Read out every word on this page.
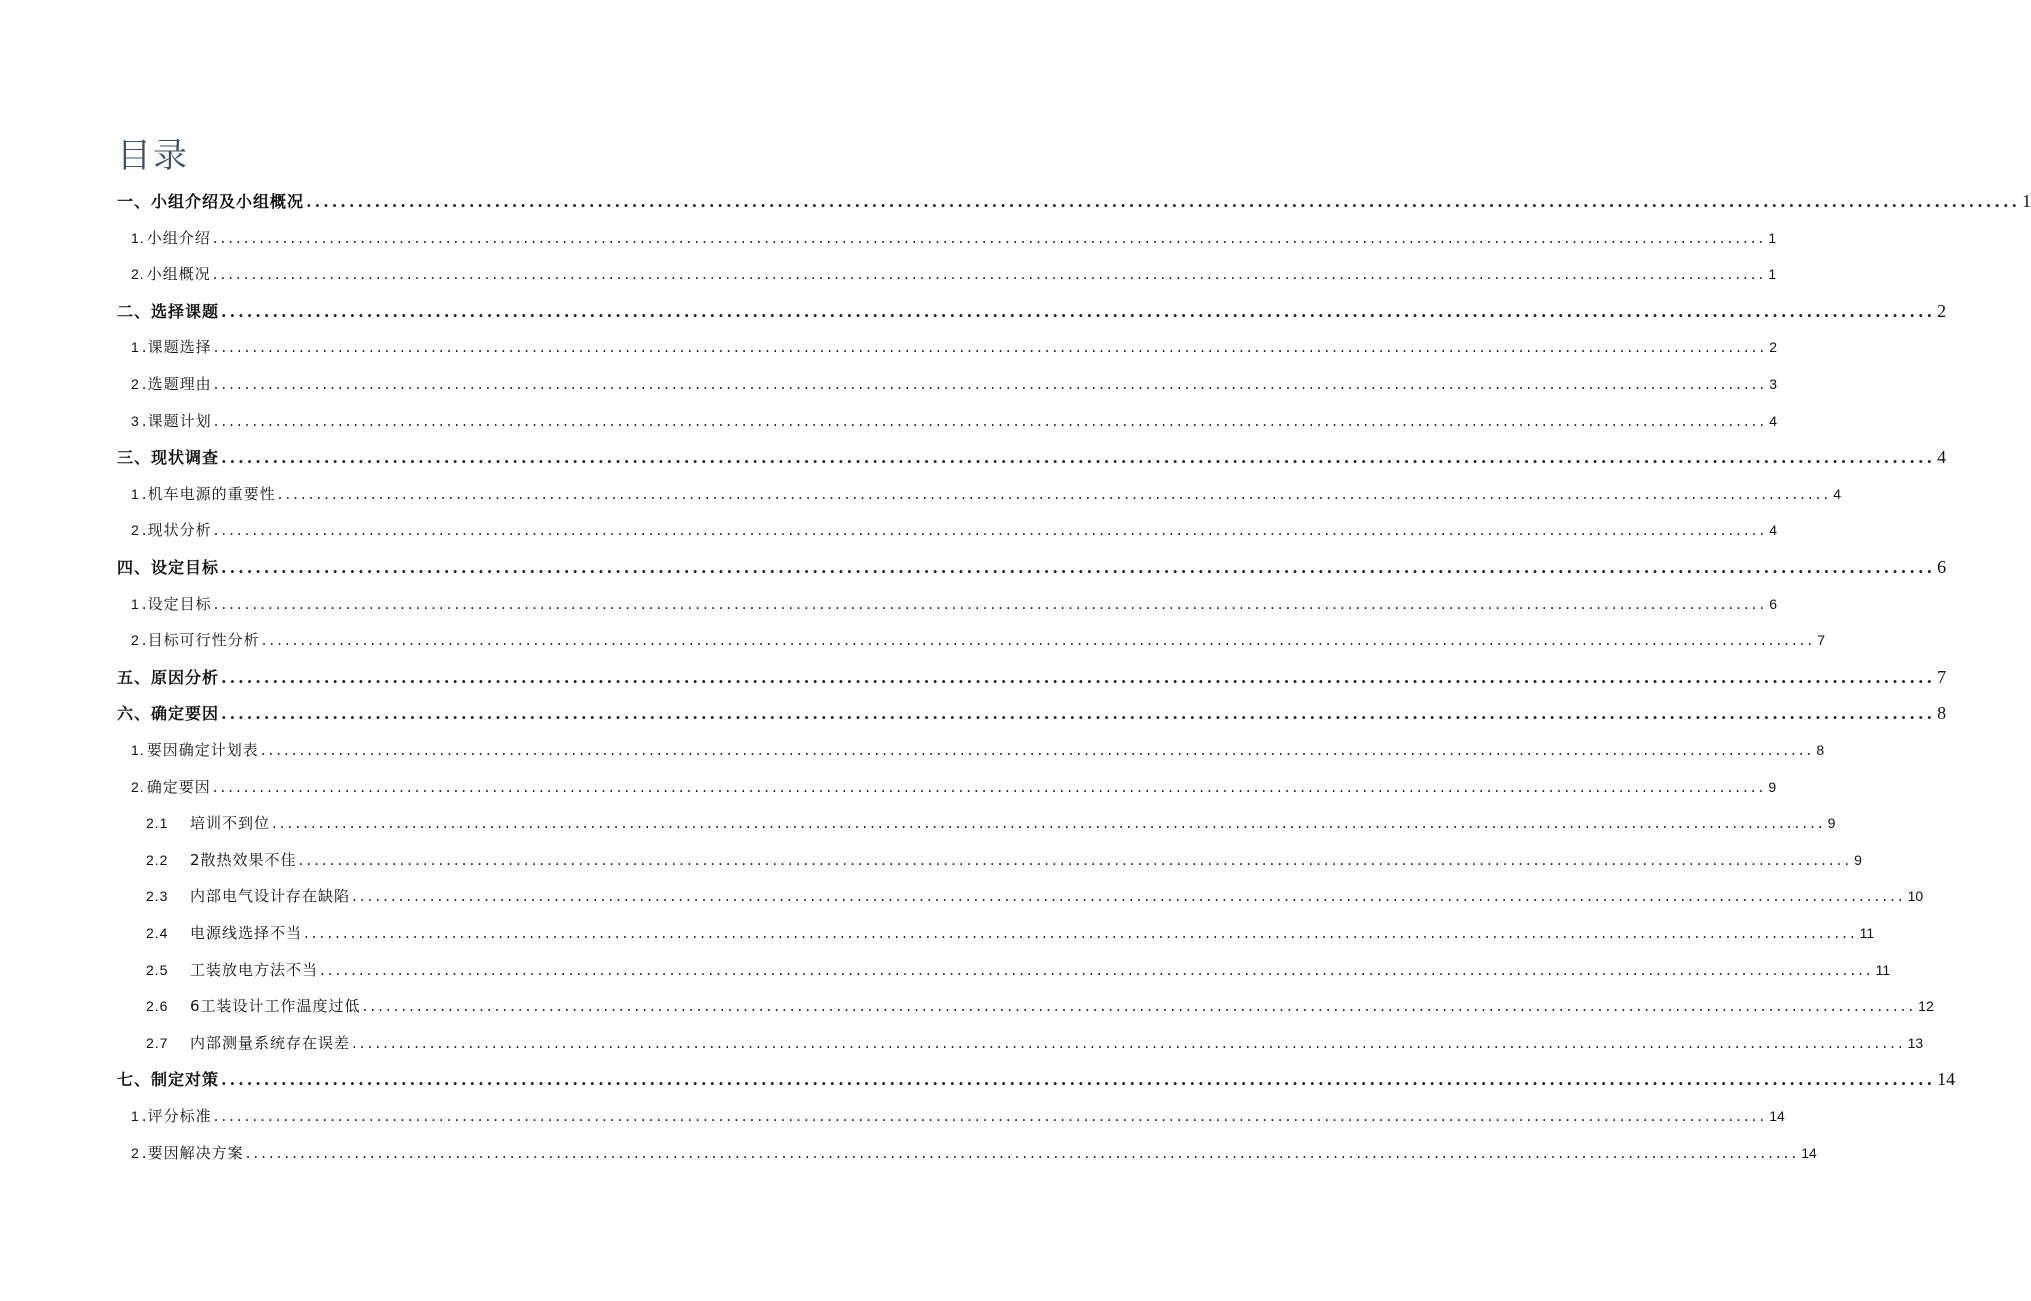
目录
一、小组介绍及小组概况 ........................................................................................................................................................................................................ 1
1. 小组介绍 ........................................................................................................................................................................................................ 1
2. 小组概况 ........................................................................................................................................................................................................ 1
二、选择课题 ........................................................................................................................................................................................................ 2
1 .课题选择 ........................................................................................................................................................................................................ 2
2 .选题理由 ........................................................................................................................................................................................................ 3
3 .课题计划 ........................................................................................................................................................................................................ 4
三、现状调查 ........................................................................................................................................................................................................ 4
1 .机车电源的重要性 ........................................................................................................................................................................................................ 4
2 .现状分析 ........................................................................................................................................................................................................ 4
四、设定目标 ........................................................................................................................................................................................................ 6
1 .设定目标 ........................................................................................................................................................................................................ 6
2 .目标可行性分析 ........................................................................................................................................................................................................ 7
五、原因分析 ........................................................................................................................................................................................................ 7
六、确定要因 ........................................................................................................................................................................................................ 8
1. 要因确定计划表 ........................................................................................................................................................................................................ 8
2. 确定要因 ........................................................................................................................................................................................................ 9
2.1 培训不到位 ........................................................................................................................................................................................................ 9
2.2 2散热效果不佳 ........................................................................................................................................................................................................ 9
2.3 内部电气设计存在缺陷 ........................................................................................................................................................................................................ 10
2.4 电源线选择不当 ........................................................................................................................................................................................................ 11
2.5 工装放电方法不当 ........................................................................................................................................................................................................ 11
2.6 6工装设计工作温度过低 ........................................................................................................................................................................................................ 12
2.7 内部测量系统存在误差 ........................................................................................................................................................................................................ 13
七、制定对策 ........................................................................................................................................................................................................ 14
1 .评分标准 ........................................................................................................................................................................................................ 14
2 .要因解决方案 ........................................................................................................................................................................................................ 14
